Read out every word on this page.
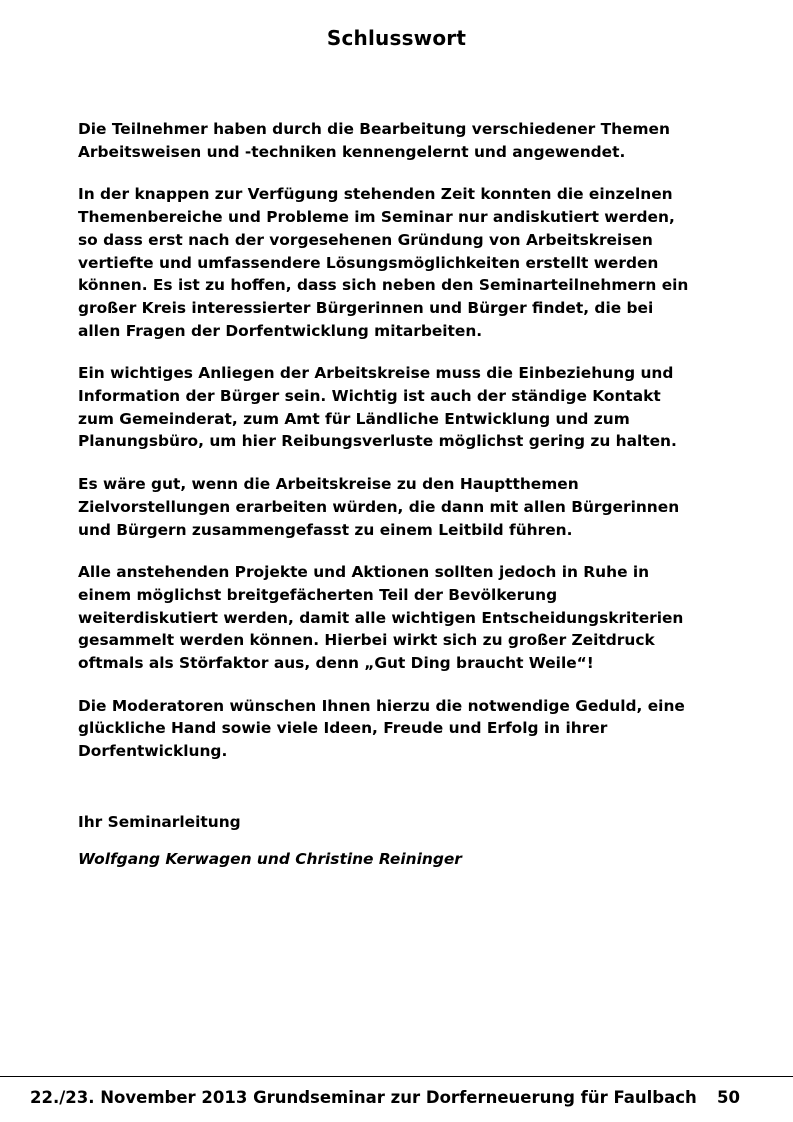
Schlusswort

Die Teilnehmer haben durch die Bearbeitung verschiedener Themen Arbeitsweisen und -techniken kennengelernt und angewendet.

In der knappen zur Verfügung stehenden Zeit konnten die einzelnen Themenbereiche und Probleme im Seminar nur andiskutiert werden, so dass erst nach der vorgesehenen Gründung von Arbeitskreisen vertiefte und umfassendere Lösungsmöglichkeiten erstellt werden können. Es ist zu hoffen, dass sich neben den Seminarteilnehmern ein großer Kreis interessierter Bürgerinnen und Bürger findet, die bei allen Fragen der Dorfentwicklung mitarbeiten.

Ein wichtiges Anliegen der Arbeitskreise muss die Einbeziehung und Information der Bürger sein. Wichtig ist auch der ständige Kontakt zum Gemeinderat, zum Amt für Ländliche Entwicklung und zum Planungsbüro, um hier Reibungsverluste möglichst gering zu halten.

Es wäre gut, wenn die Arbeitskreise zu den Hauptthemen Zielvorstellungen erarbeiten würden, die dann mit allen Bürgerinnen und Bürgern zusammengefasst zu einem Leitbild führen.

Alle anstehenden Projekte und Aktionen sollten jedoch in Ruhe in einem möglichst breitgefächerten Teil der Bevölkerung weiterdiskutiert werden, damit alle wichtigen Entscheidungskriterien gesammelt werden können. Hierbei wirkt sich zu großer Zeitdruck oftmals als Störfaktor aus, denn „Gut Ding braucht Weile“!

Die Moderatoren wünschen Ihnen hierzu die notwendige Geduld, eine glückliche Hand sowie viele Ideen, Freude und Erfolg in ihrer Dorfentwicklung.

Ihr Seminarleitung

Wolfgang Kerwagen und Christine Reininger

22./23. November 2013 Grundseminar zur Dorferneuerung für Faulbach 50
